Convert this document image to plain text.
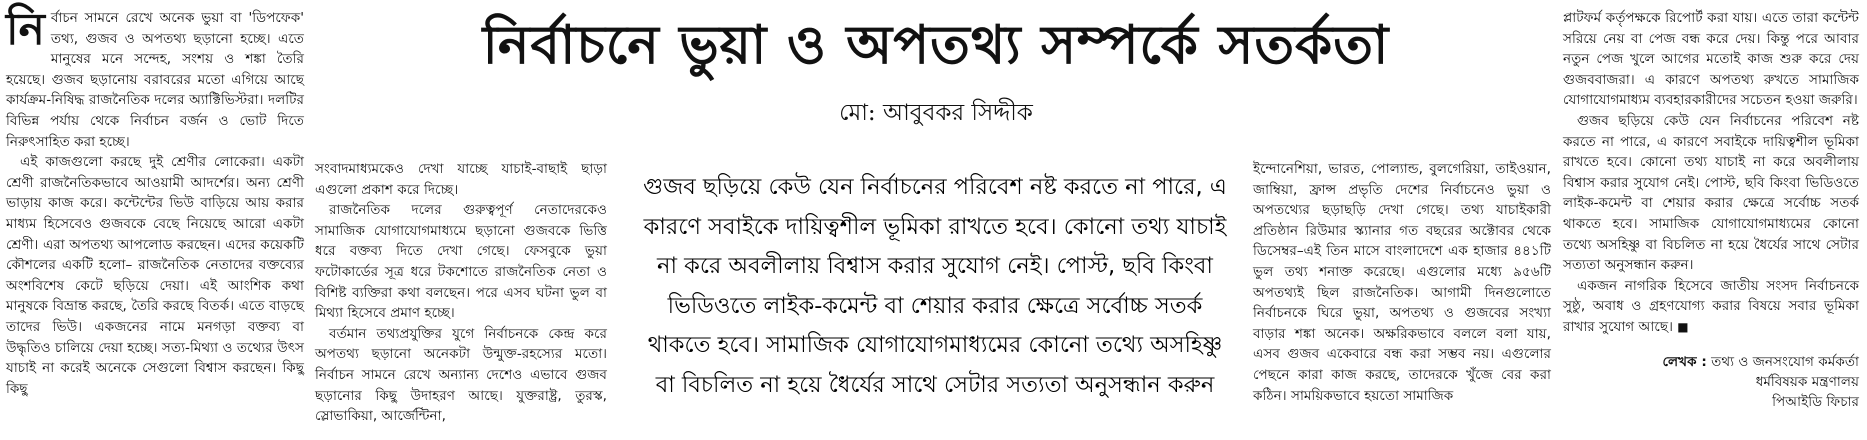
নির্বাচন সামনে রেখে অনেক ভুয়া বা 'ডিপফেক' তথ্য, গুজব ও অপতথ্য ছড়ানো হচ্ছে। এতে মানুষের মনে সন্দেহ, সংশয় ও শঙ্কা তৈরি হয়েছে। গুজব ছড়ানোয় বরাবরের মতো এগিয়ে আছে কার্যক্রম-নিষিদ্ধ রাজনৈতিক দলের অ্যাক্টিভিস্টরা। দলটির বিভিন্ন পর্যায় থেকে নির্বাচন বর্জন ও ভোট দিতে নিরুৎসাহিত করা হচ্ছে।

এই কাজগুলো করছে দুই শ্রেণীর লোকেরা। একটা শ্রেণী রাজনৈতিকভাবে আওয়ামী আদর্শের। অন্য শ্রেণী ভাড়ায় কাজ করে। কন্টেন্টের ভিউ বাড়িয়ে আয় করার মাধ্যম হিসেবেও গুজবকে বেছে নিয়েছে আরো একটা শ্রেণী। এরা অপতথ্য আপলোড করছেন। এদের কয়েকটি কৌশলের একটি হলো– রাজনৈতিক নেতাদের বক্তব্যের অংশবিশেষ কেটে ছড়িয়ে দেয়া। এই আংশিক কথা মানুষকে বিভ্রান্ত করছে, তৈরি করছে বিতর্ক। এতে বাড়ছে তাদের ভিউ। একজনের নামে মনগড়া বক্তব্য বা উদ্ধৃতিও চালিয়ে দেয়া হচ্ছে। সত্য-মিথ্যা ও তথ্যের উৎস যাচাই না করেই অনেকে সেগুলো বিশ্বাস করছেন। কিছু কিছু

নির্বাচনে ভুয়া ও অপতথ্য সম্পর্কে সতর্কতা
মো: আবুবকর সিদ্দীক

সংবাদমাধ্যমকেও দেখা যাচ্ছে যাচাই-বাছাই ছাড়া এগুলো প্রকাশ করে দিচ্ছে।

রাজনৈতিক দলের গুরুত্বপূর্ণ নেতাদেরকেও সামাজিক যোগাযোগমাধ্যমে ছড়ানো গুজবকে ভিত্তি ধরে বক্তব্য দিতে দেখা গেছে। ফেসবুকে ভুয়া ফটোকার্ডের সূত্র ধরে টকশোতে রাজনৈতিক নেতা ও বিশিষ্ট ব্যক্তিরা কথা বলছেন। পরে এসব ঘটনা ভুল বা মিথ্যা হিসেবে প্রমাণ হচ্ছে।

বর্তমান তথ্যপ্রযুক্তির যুগে নির্বাচনকে কেন্দ্র করে অপতথ্য ছড়ানো অনেকটা উন্মুক্ত-রহস্যের মতো। নির্বাচন সামনে রেখে অন্যান্য দেশেও এভাবে গুজব ছড়ানোর কিছু উদাহরণ আছে। যুক্তরাষ্ট্র, তুরস্ক, স্লোভাকিয়া, আর্জেন্টিনা,

গুজব ছড়িয়ে কেউ যেন নির্বাচনের পরিবেশ নষ্ট করতে না পারে, এ কারণে সবাইকে দায়িত্বশীল ভূমিকা রাখতে হবে। কোনো তথ্য যাচাই না করে অবলীলায় বিশ্বাস করার সুযোগ নেই। পোস্ট, ছবি কিংবা ভিডিওতে লাইক-কমেন্ট বা শেয়ার করার ক্ষেত্রে সর্বোচ্চ সতর্ক থাকতে হবে। সামাজিক যোগাযোগমাধ্যমের কোনো তথ্যে অসহিষ্ণু বা বিচলিত না হয়ে ধৈর্যের সাথে সেটার সত্যতা অনুসন্ধান করুন

ইন্দোনেশিয়া, ভারত, পোল্যান্ড, বুলগেরিয়া, তাইওয়ান, জাম্বিয়া, ফ্রান্স প্রভৃতি দেশের নির্বাচনেও ভুয়া ও অপতথ্যের ছড়াছড়ি দেখা গেছে। তথ্য যাচাইকারী প্রতিষ্ঠান রিউমার স্ক্যানার গত বছরের অক্টোবর থেকে ডিসেম্বর–এই তিন মাসে বাংলাদেশে এক হাজার ৪৪১টি ভুল তথ্য শনাক্ত করেছে। এগুলোর মধ্যে ৯৫৬টি অপতথ্যই ছিল রাজনৈতিক। আগামী দিনগুলোতে নির্বাচনকে ঘিরে ভুয়া, অপতথ্য ও গুজবের সংখ্যা বাড়ার শঙ্কা অনেক। অক্ষরিকভাবে বললে বলা যায়, এসব গুজব একেবারে বন্ধ করা সম্ভব নয়। এগুলোর পেছনে কারা কাজ করছে, তাদেরকে খুঁজে বের করা কঠিন। সাময়িকভাবে হয়তো সামাজিক

প্লাটফর্ম কর্তৃপক্ষকে রিপোর্ট করা যায়। এতে তারা কন্টেন্ট সরিয়ে নেয় বা পেজ বন্ধ করে দেয়। কিন্তু পরে আবার নতুন পেজ খুলে আগের মতোই কাজ শুরু করে দেয় গুজববাজরা। এ কারণে অপতথ্য রুখতে সামাজিক যোগাযোগমাধ্যম ব্যবহারকারীদের সচেতন হওয়া জরুরি।

গুজব ছড়িয়ে কেউ যেন নির্বাচনের পরিবেশ নষ্ট করতে না পারে, এ কারণে সবাইকে দায়িত্বশীল ভূমিকা রাখতে হবে। কোনো তথ্য যাচাই না করে অবলীলায় বিশ্বাস করার সুযোগ নেই। পোস্ট, ছবি কিংবা ভিডিওতে লাইক-কমেন্ট বা শেয়ার করার ক্ষেত্রে সর্বোচ্চ সতর্ক থাকতে হবে। সামাজিক যোগাযোগমাধ্যমের কোনো তথ্যে অসহিষ্ণু বা বিচলিত না হয়ে ধৈর্যের সাথে সেটার সত্যতা অনুসন্ধান করুন।

একজন নাগরিক হিসেবে জাতীয় সংসদ নির্বাচনকে সুষ্ঠু, অবাধ ও গ্রহণযোগ্য করার বিষয়ে সবার ভূমিকা রাখার সুযোগ আছে। ■

লেখক : তথ্য ও জনসংযোগ কর্মকর্তা
ধর্মবিষয়ক মন্ত্রণালয়
পিআইডি ফিচার
